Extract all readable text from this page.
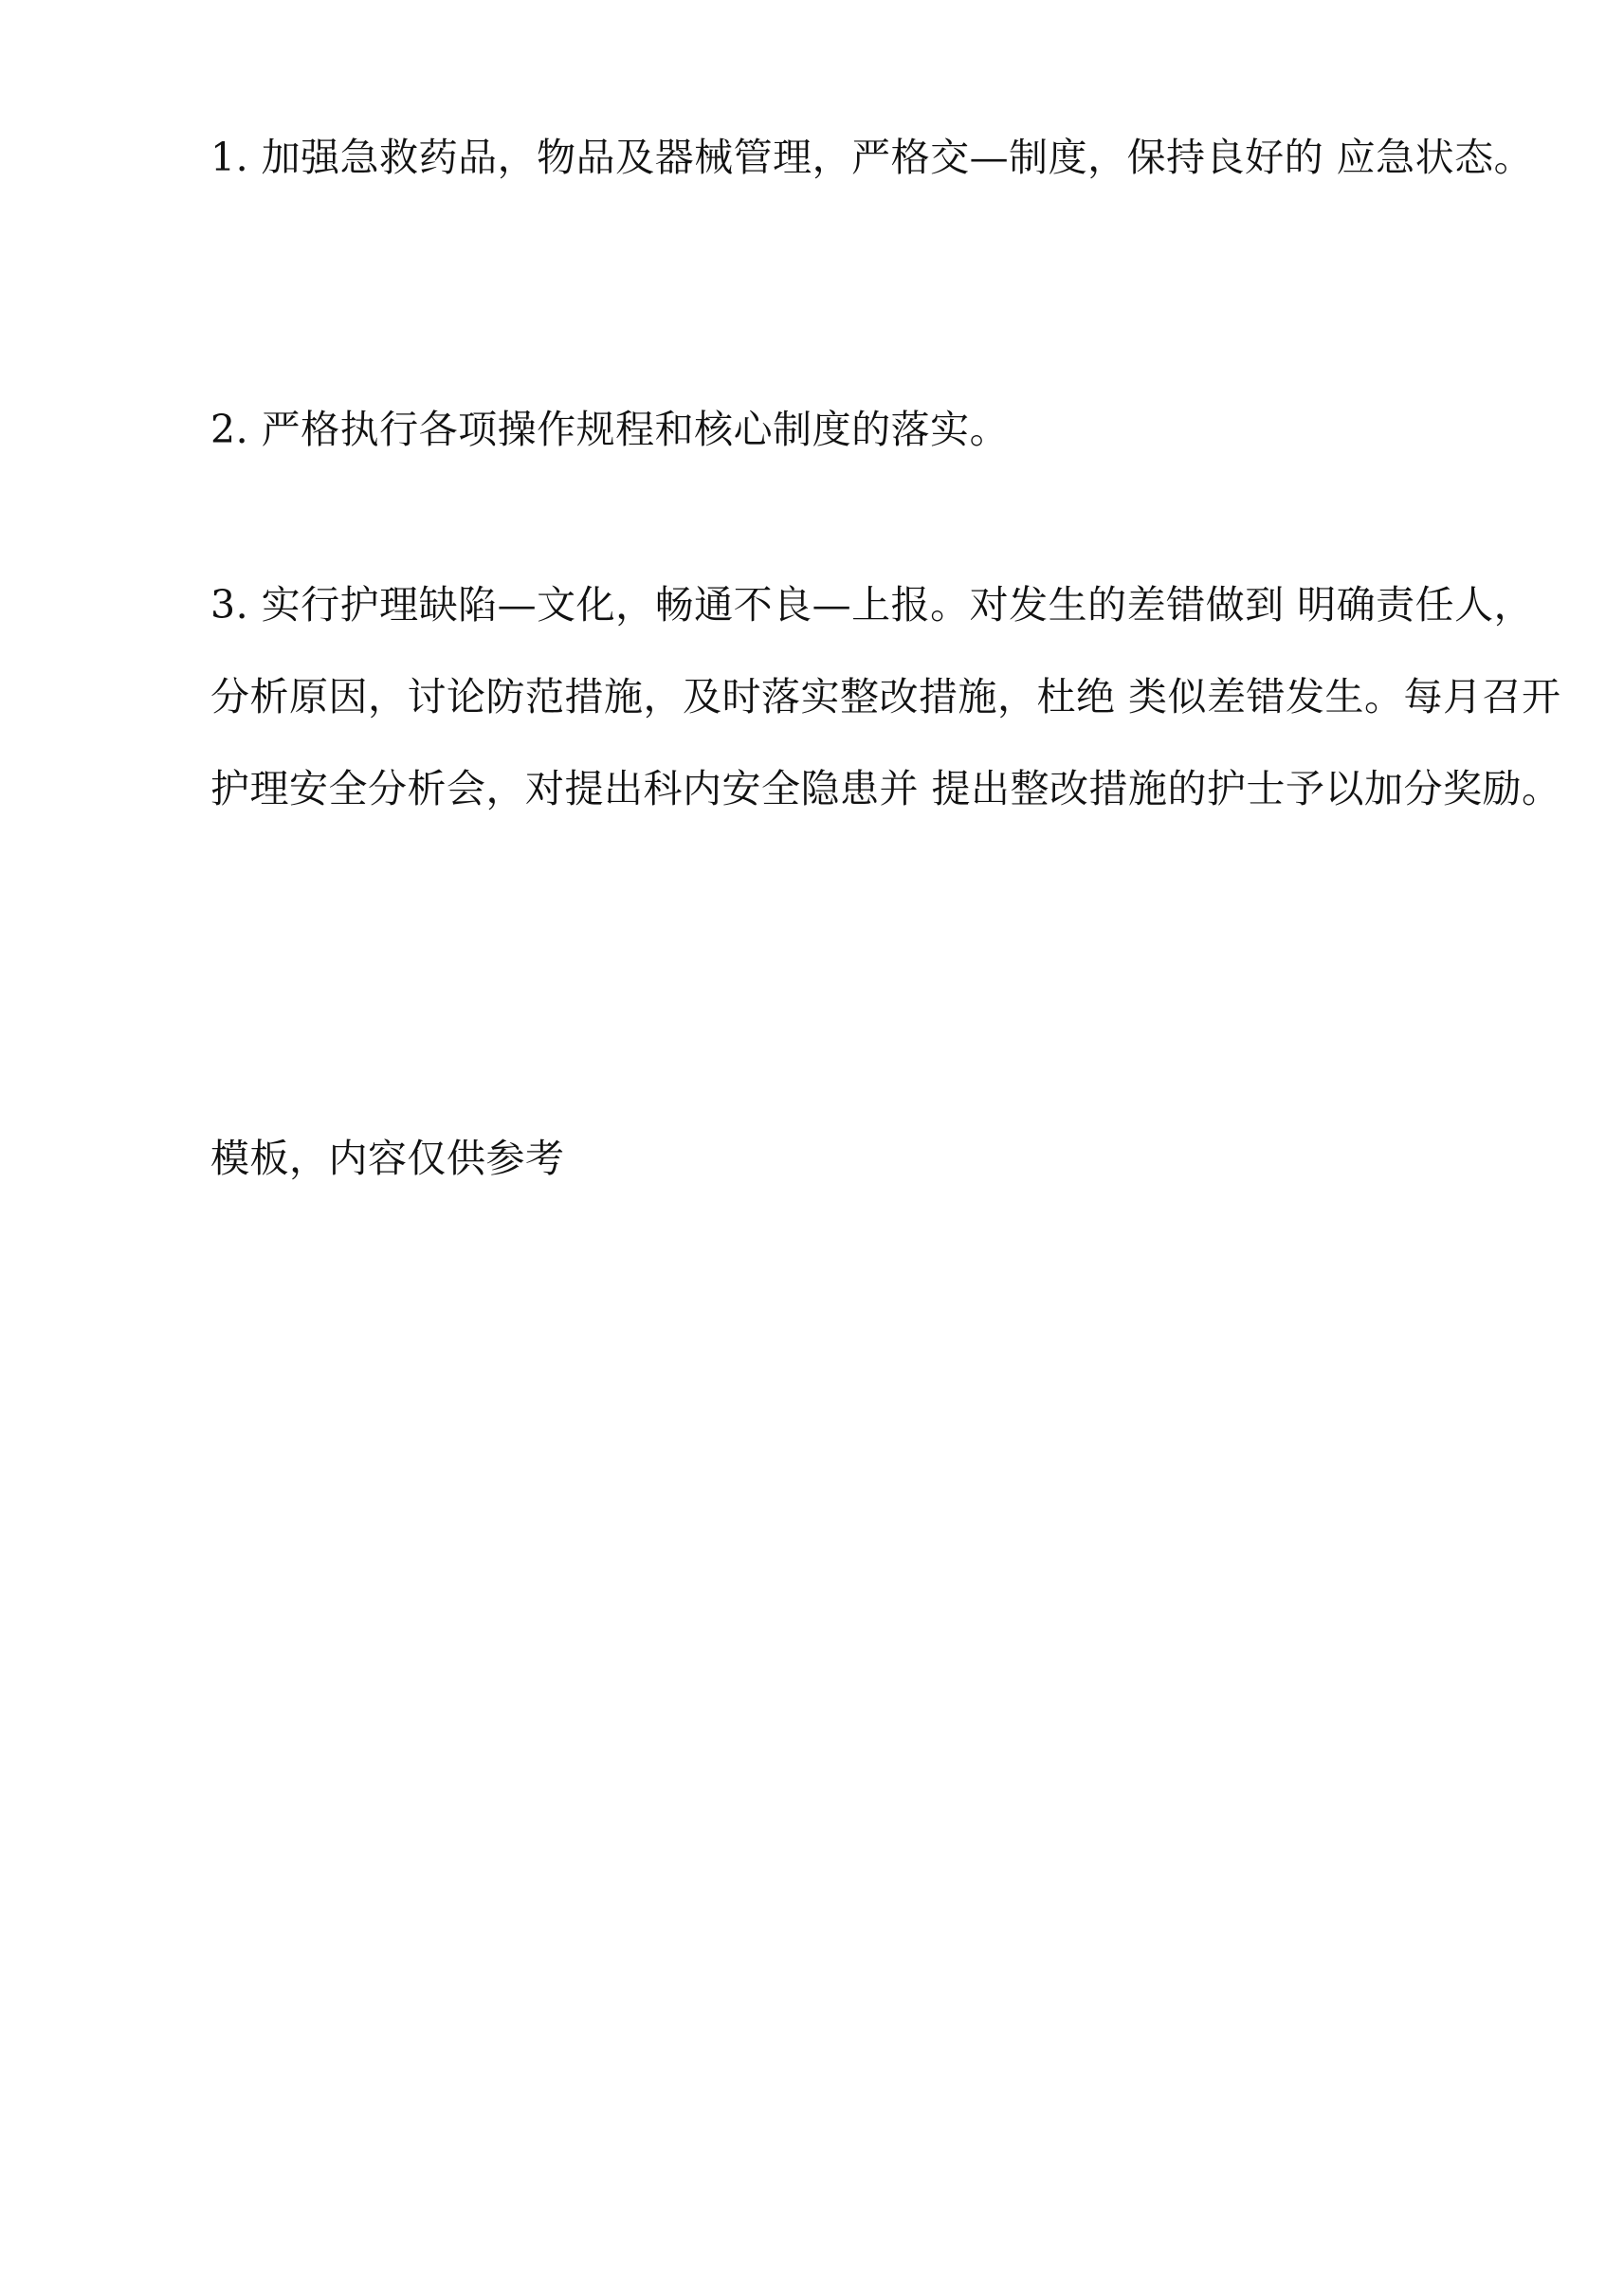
1. 加强急救药品，物品及器械管理，严格交—制度，保持良好的 应急状态。

2. 严格执行各项操作规程和核心制度的落实。

3. 实行护理缺陷—文化，畅通不良—上报。对发生的差错做到 明确责任人，分析原因，讨论防范措施，及时落实整改措施，杜绝 类似差错发生。每月召开护理安全分析会，对提出科内安全隐患并 提出整改措施的护士予以加分奖励。

模板，内容仅供参考
